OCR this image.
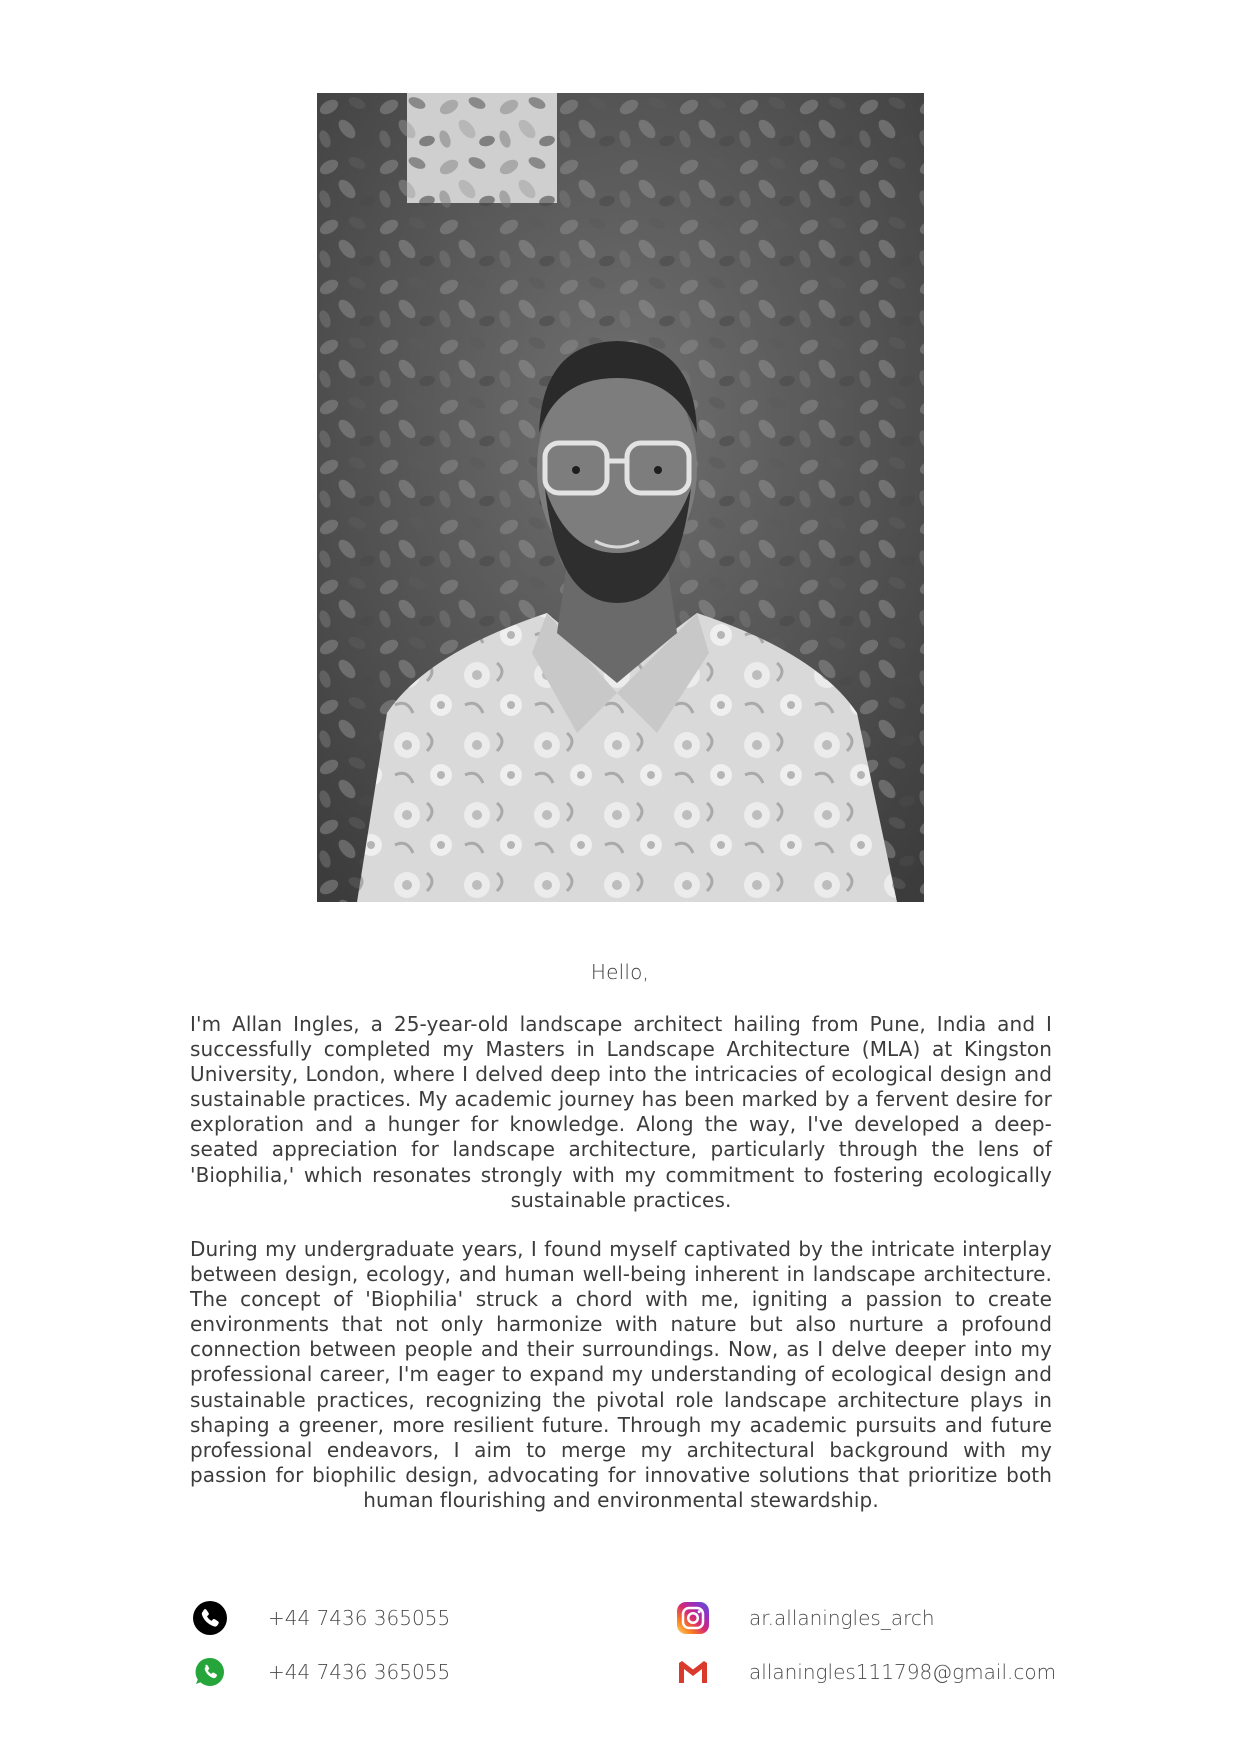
Hello,
I'm Allan Ingles, a 25-year-old landscape architect hailing from Pune, India and I successfully completed my Masters in Landscape Architecture (MLA) at Kingston University, London, where I delved deep into the intricacies of ecological design and sustainable practices. My academic journey has been marked by a fervent desire for exploration and a hunger for knowledge. Along the way, I've developed a deep-seated appreciation for landscape architecture, particularly through the lens of 'Biophilia,' which resonates strongly with my commitment to fostering ecologically sustainable practices.
During my undergraduate years, I found myself captivated by the intricate interplay between design, ecology, and human well-being inherent in landscape architecture. The concept of 'Biophilia' struck a chord with me, igniting a passion to create environments that not only harmonize with nature but also nurture a profound connection between people and their surroundings. Now, as I delve deeper into my professional career, I'm eager to expand my understanding of ecological design and sustainable practices, recognizing the pivotal role landscape architecture plays in shaping a greener, more resilient future. Through my academic pursuits and future professional endeavors, I aim to merge my architectural background with my passion for biophilic design, advocating for innovative solutions that prioritize both human flourishing and environmental stewardship.
+44 7436 365055
+44 7436 365055
ar.allaningles_arch
allaningles111798@gmail.com
